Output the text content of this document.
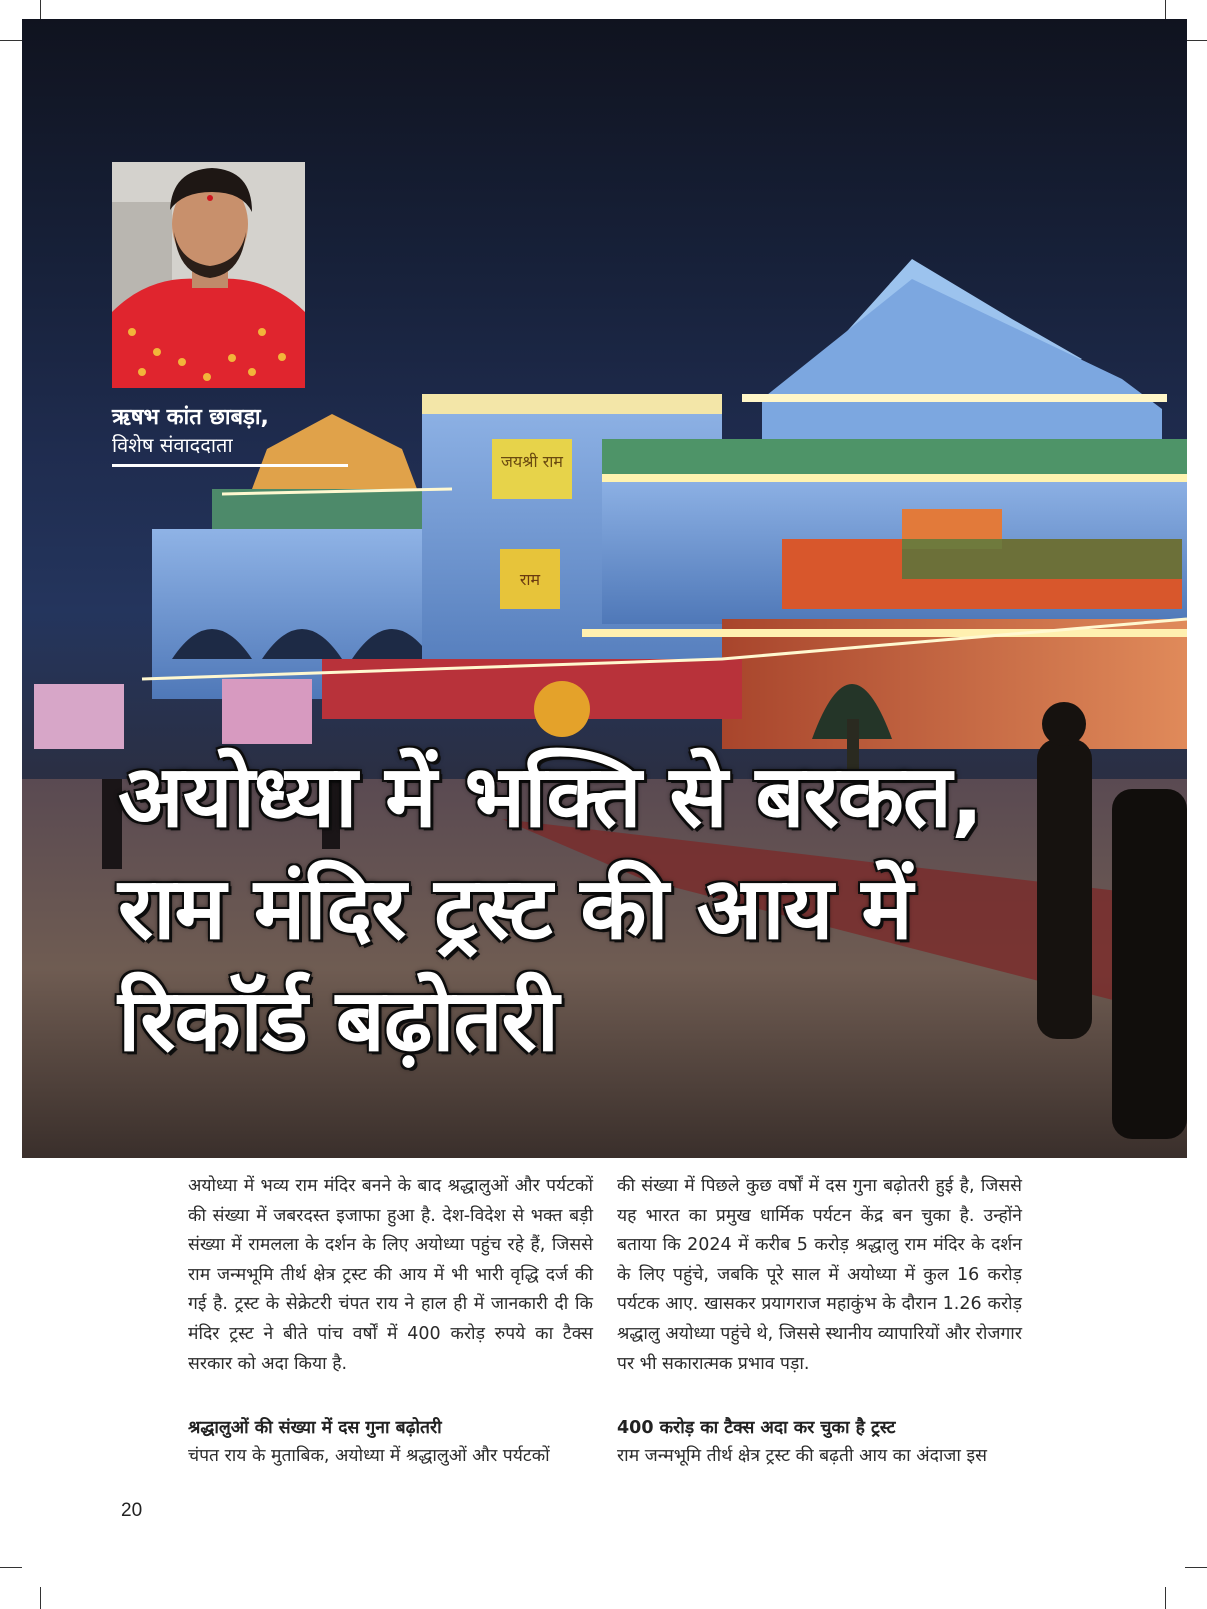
जयश्री राम
राम
ऋषभ कांत छाबड़ा,
विशेष संवाददाता
अयोध्या में भक्ति से बरकत,
राम मंदिर ट्रस्ट की आय में
रिकॉर्ड बढ़ोतरी

अयोध्या में भव्य राम मंदिर बनने के बाद श्रद्धालुओं और पर्यटकों की संख्या में जबरदस्त इजाफा हुआ है. देश-विदेश से भक्त बड़ी संख्या में रामलला के दर्शन के लिए अयोध्या पहुंच रहे हैं, जिससे राम जन्मभूमि तीर्थ क्षेत्र ट्रस्ट की आय में भी भारी वृद्धि दर्ज की गई है. ट्रस्ट के सेक्रेटरी चंपत राय ने हाल ही में जानकारी दी कि मंदिर ट्रस्ट ने बीते पांच वर्षों में 400 करोड़ रुपये का टैक्स सरकार को अदा किया है.

की संख्या में पिछले कुछ वर्षों में दस गुना बढ़ोतरी हुई है, जिससे यह भारत का प्रमुख धार्मिक पर्यटन केंद्र बन चुका है. उन्होंने बताया कि 2024 में करीब 5 करोड़ श्रद्धालु राम मंदिर के दर्शन के लिए पहुंचे, जबकि पूरे साल में अयोध्या में कुल 16 करोड़ पर्यटक आए. खासकर प्रयागराज महाकुंभ के दौरान 1.26 करोड़ श्रद्धालु अयोध्या पहुंचे थे, जिससे स्थानीय व्यापारियों और रोजगार पर भी सकारात्मक प्रभाव पड़ा.

श्रद्धालुओं की संख्या में दस गुना बढ़ोतरी	400 करोड़ का टैक्स अदा कर चुका है ट्रस्ट
चंपत राय के मुताबिक, अयोध्या में श्रद्धालुओं और पर्यटकों	राम जन्मभूमि तीर्थ क्षेत्र ट्रस्ट की बढ़ती आय का अंदाजा इस
20
